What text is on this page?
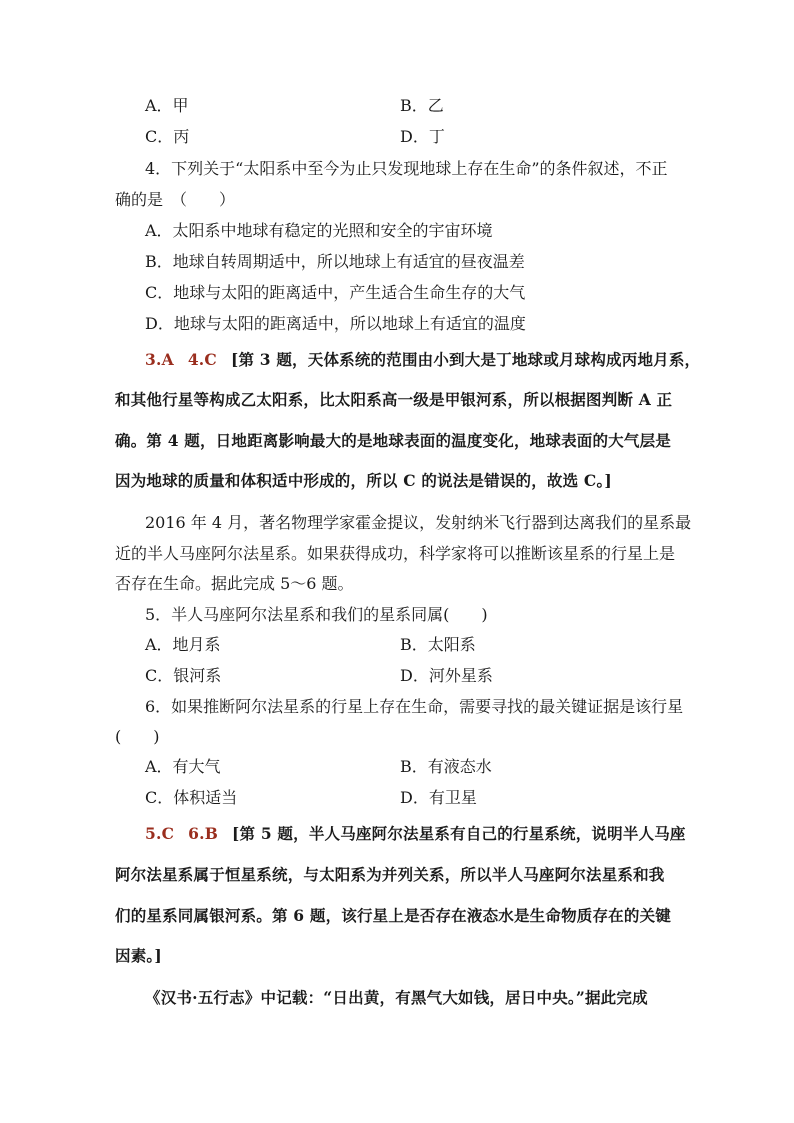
A．甲	B．乙
C．丙	D．丁
4．下列关于“太阳系中至今为止只发现地球上存在生命”的条件叙述，不正
确的是　（　　）
A．太阳系中地球有稳定的光照和安全的宇宙环境
B．地球自转周期适中，所以地球上有适宜的昼夜温差
C．地球与太阳的距离适中，产生适合生命生存的大气
D．地球与太阳的距离适中，所以地球上有适宜的温度
3.A 4.C [第 3 题，天体系统的范围由小到大是丁地球或月球构成丙地月系，
和其他行星等构成乙太阳系，比太阳系高一级是甲银河系，所以根据图判断 A 正
确。第 4 题，日地距离影响最大的是地球表面的温度变化，地球表面的大气层是
因为地球的质量和体积适中形成的，所以 C 的说法是错误的，故选 C。]
2016 年 4 月，著名物理学家霍金提议，发射纳米飞行器到达离我们的星系最
近的半人马座阿尔法星系。如果获得成功，科学家将可以推断该星系的行星上是
否存在生命。据此完成 5～6 题。
5．半人马座阿尔法星系和我们的星系同属(　　)
A．地月系	B．太阳系
C．银河系	D．河外星系
6．如果推断阿尔法星系的行星上存在生命，需要寻找的最关键证据是该行星
(　　)
A．有大气	B．有液态水
C．体积适当	D．有卫星
5.C 6.B [第 5 题，半人马座阿尔法星系有自己的行星系统，说明半人马座
阿尔法星系属于恒星系统，与太阳系为并列关系，所以半人马座阿尔法星系和我
们的星系同属银河系。第 6 题，该行星上是否存在液态水是生命物质存在的关键
因素。]
《汉书·五行志》中记载：“日出黄，有黑气大如钱，居日中央。”据此完成
